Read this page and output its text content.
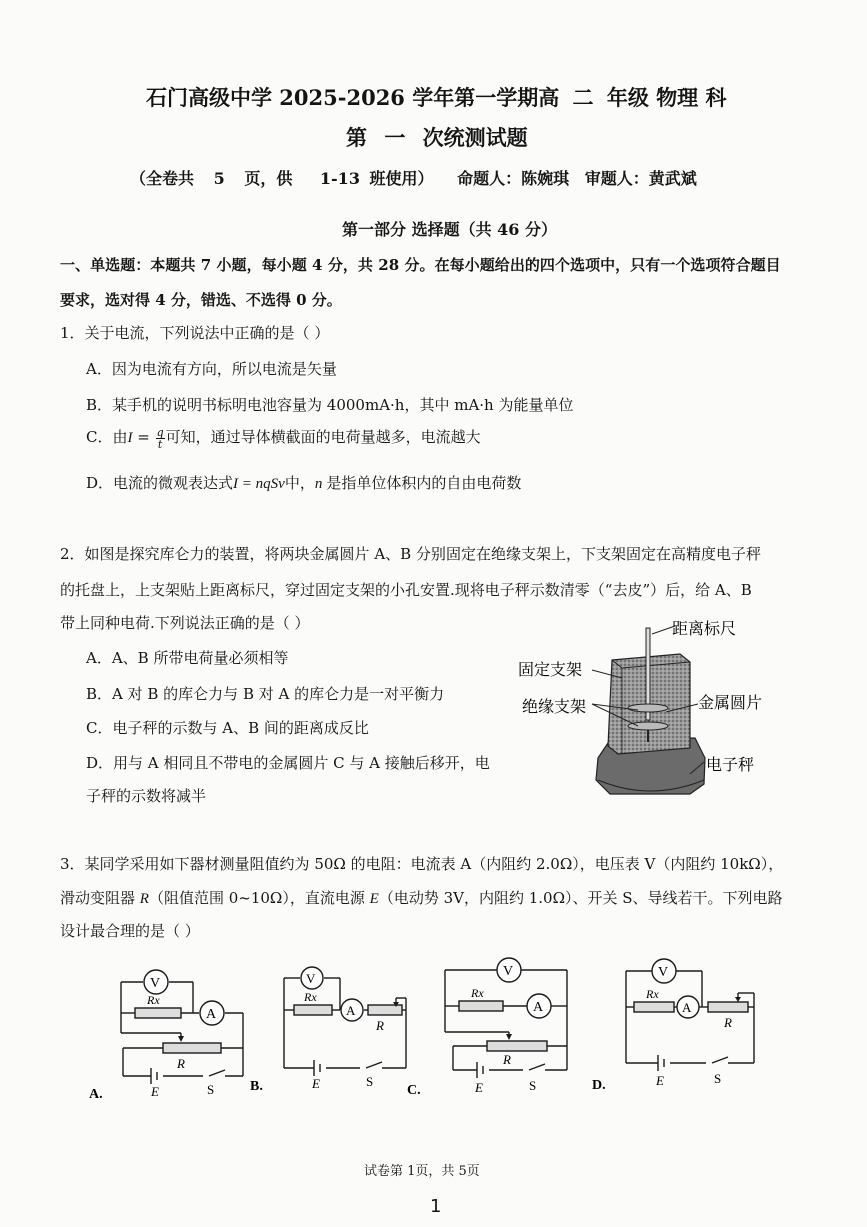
石门高级中学 2025-2026 学年第一学期高 二 年级 物理 科
第 一 次统测试题
（全卷共 5 页，供 1-13 班使用） 命题人：陈婉琪 审题人：黄武斌
第一部分 选择题（共 46 分）
一、单选题：本题共 7 小题，每小题 4 分，共 28 分。在每小题给出的四个选项中，只有一个选项符合题目
要求，选对得 4 分，错选、不选得 0 分。
1．关于电流，下列说法中正确的是（ ）
A．因为电流有方向，所以电流是矢量
B．某手机的说明书标明电池容量为 4000mA·h，其中 mA·h 为能量单位
C．由$I = \frac{q}{t}$ 可知，通过导体横截面的电荷量越多，电流越大
D．电流的微观表达式I = nqSv中，n 是指单位体积内的自由电荷数
2．如图是探究库仑力的装置，将两块金属圆片 A、B 分别固定在绝缘支架上，下支架固定在高精度电子秤
的托盘上，上支架贴上距离标尺，穿过固定支架的小孔安置.现将电子秤示数清零（“去皮”）后，给 A、B
带上同种电荷.下列说法正确的是（ ）
A．A、B 所带电荷量必须相等
B．A 对 B 的库仑力与 B 对 A 的库仑力是一对平衡力
C．电子秤的示数与 A、B 间的距离成反比
D．用与 A 相同且不带电的金属圆片 C 与 A 接触后移开，电
子秤的示数将减半
距离标尺
固定支架
绝缘支架	金属圆片
电子秤
3．某同学采用如下器材测量阻值约为 50Ω 的电阻：电流表 A（内阻约 2.0Ω），电压表 V（内阻约 10kΩ），
滑动变阻器 R（阻值范围 0~10Ω），直流电源 E（电动势 3V，内阻约 1.0Ω）、开关 S、导线若干。下列电路
设计最合理的是（ ）
V
Rx
A
R
E	S
A.
V
Rx
A
R
E	S
B.
V
Rx
A
R
E	S
C.
V
Rx
A
R
E	S
D.
试卷第 1页，共 5页
1
